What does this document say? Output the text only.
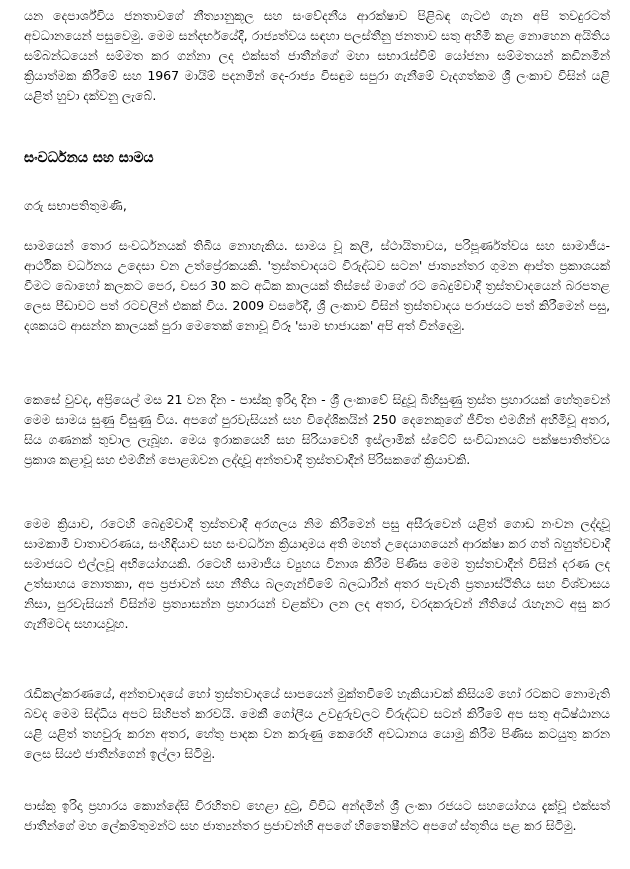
යන දෙපාර්ශ්විය ජනතාවගේ නීත්‍යානුකූල සහ සංවේදනීය ආරක්ෂාව පිළිබඳ ගැටළු ගැන අපි තවදුරටත් අවධානයෙන් පසුවෙමු. මෙම සන්දර්භයේදී, රාජ්‍යත්වය සඳහා පලස්තීනු ජනතාව සතු අහිමි කළ නොහෙන අයිතිය සම්බන්ධයෙන් සම්මත කර ගන්නා ලද එක්සත් ජාතීන්ගේ මහා සභාරැස්වීම් යෝජනා සම්මතයන් කඩිනමින් ක්‍රියාත්මක කිරීමේ සහ 1967 මායිම් පදනමින් දෙ-රාජ්‍ය විසඳුම සපුරා ගැනීමේ වැදගත්කම ශ්‍රී ලංකාව විසින් යළි යළිත් හුවා දක්වනු ලැබේ.

සංවර්ධනය සහ සාමය

ගරු සභාපතිතුමණි,

සාමයෙන් තොර සංවර්ධනයක් තිබිය නොහැකිය. සාමය වූ කලී, ස්ථායිතාවය, පරිපූර්ණත්වය සහ සාමාජීය- ආර්ථික වර්ධනය උදෙසා වන උත්ප්‍රේරකයකි. 'ත්‍රස්තවාදයට විරුද්ධව සටන' ජාත්‍යන්තර ගුමන ආප්ත ප්‍රකාශයක් වීමට බොහෝ කලකට පෙර, වසර 30 කට අධික කාලයක් තිස්සේ මාගේ රට බෙදුම්වාදී ත්‍රස්තවාදයෙන් බරපතළ ලෙස පීඩාවට පත් රටවලින් එකක් විය. 2009 වසරේදී, ශ්‍රී ලංකාව විසින් ත්‍රස්තවාදය පරාජයට පත් කිරීමෙන් පසු, දශකයට ආසන්න කාලයක් පුරා මෙතෙක් නොවූ විරූ 'සාම භාජායක' අපි අත් වින්දෙමු.

කෙසේ වුවද, අප්‍රියෙල් මස 21 වන දින - පාස්කු ඉරිදා දින - ශ්‍රී ලංකාවේ සිදුවූ බිහිසුණු ත්‍රස්ත ප්‍රහාරයක් හේතුවෙන් මෙම සාමය සුණු විසුණු විය. අපගේ පුරවැසියන් සහ විදේශිකයින් 250 දෙනෙකුගේ ජීවිත එමගින් අහිමිවූ අතර, සිය ගණනක් තුවාල ලැබූහ. මෙය ඉරාකයෙහි සහ සිරියාවෙහි ඉස්ලාමික් ස්ටේට් සංවිධානයට පක්ෂපාතිත්වය ප්‍රකාශ කළාවූ සහ එමගින් පොළඹවන ලද්දාවූ අන්තවාදී ත්‍රස්තවාදීන් පිරිසකගේ ක්‍රියාවකි.

මෙම ක්‍රියාව, රටෙහි බෙදුම්වාදී ත්‍රස්තවාදී අරගලය නිම කිරීමෙන් පසු අසීරුවෙන් යළිත් ගොඩ නංවන ලද්දාවූ සාමකාමී වාතාවරණය, සංහිඳියාව සහ සංවර්ධන ක්‍රියාදාමය අති මහත් උදෙයාගයෙන් ආරක්ෂා කර ගත් බහුත්වවාදී සමාජයට එල්ලවූ අභියෝගයකි. රටෙහි සාමාජීය ව්‍යුහය විනාශ කිරීම පිණිස මෙම ත්‍රස්තවාදීන් විසින් දරණ ලද උත්සාහය නොතකා, අප ප්‍රජාවන් සහ නීතිය බලගැන්වීමේ බලධාරීන් අතර පැවැති ප්‍රත්‍යාස්ථිතිය සහ විශ්වාසය නිසා, පුරවැසියන් විසින්ම ප්‍රත්‍යාසන්න ප්‍රහාරයන් වළක්වා ලන ලද අතර, වරදකරුවන් නීතියේ රැහැනට අසු කර ගැනීමටද සහායවූහ.

රැඩිකල්කරණයේ, අන්තවාදයේ හෝ ත්‍රස්තවාදයේ සාපයෙන් මුක්තවීමේ හැකියාවක් කිසියම් හෝ රටකට නොමැති බවද මෙම සිද්ධිය අපට සිහිපත් කරවයි. මෙකී ගෝලීය උවදුරුවලට විරුද්ධව සටන් කිරීමේ අප සතු අධිෂ්ඨානය යළි යළිත් තහවුරු කරන අතර, හේතු පාදක වන කරුණු කෙරෙහි අවධානය යොමු කිරීම පිණිස කටයුතු කරන ලෙස සියළු ජාතීන්ගෙන් ඉල්ලා සිටිමු.

පාස්කු ඉරිදා ප්‍රහාරය කොන්දේසි විරහිතව හෙළා දුටු, විවිධ අන්දමින් ශ්‍රී ලංකා රජයට සහයෝගය දැක්වූ එක්සත් ජාතීන්ගේ මහ ලේකම්තුමන්ට සහ ජාත්‍යන්තර ප්‍රජාවන්හි අපගේ හිතෛෂීන්ට අපගේ ස්තූතිය පළ කර සිටිමු.
